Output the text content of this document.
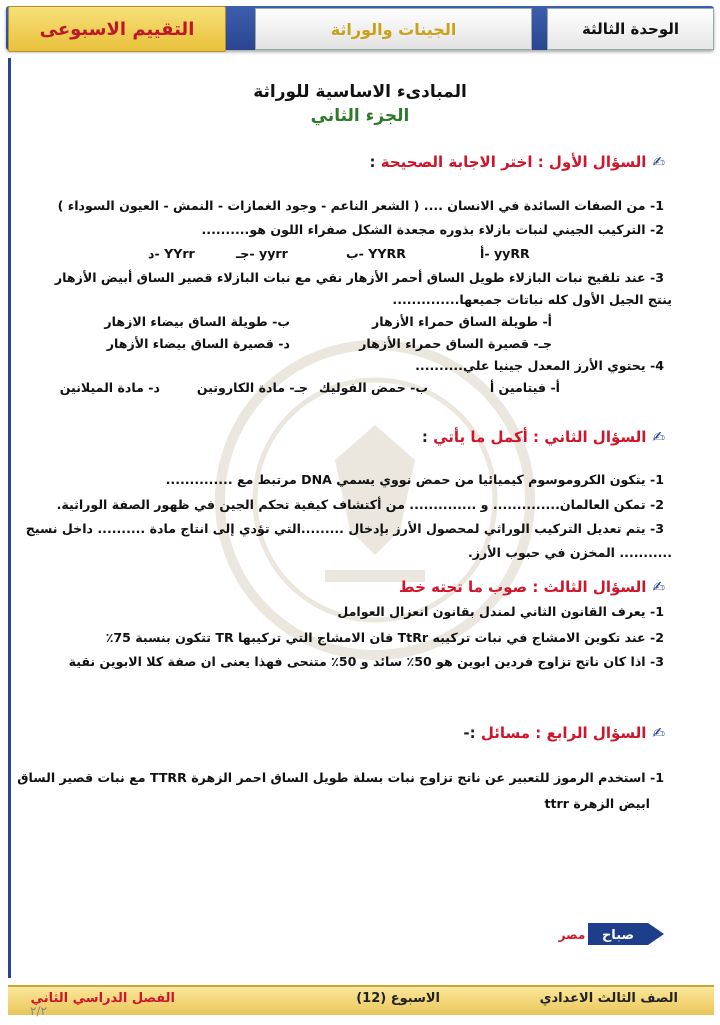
الوحدة الثالثة
الجينات والوراثة
التقييم الاسبوعى
المبادىء الاساسية للوراثة
الجزء الثاني
✍السؤال الأول : اختر الاجابة الصحيحة :
1- من الصفات السائدة في الانسان .... ( الشعر الناعم - وجود الغمازات - النمش - العيون السوداء )
2- التركيب الجيني لنبات بازلاء بذوره مجعدة الشكل صفراء اللون هو..........
أ- yyRR
ب- YYRR
جـ- yyrr
د- YYrr
3- عند تلقيح نبات البازلاء طويل الساق أحمر الأزهار نقي مع نبات البازلاء قصير الساق أبيض الأزهار
ينتج الجيل الأول كله نباتات جميعها..............
أ- طويلة الساق حمراء الأزهار
ب- طويلة الساق بيضاء الازهار
جـ- قصيرة الساق حمراء الأزهار
د- قصيرة الساق بيضاء الأزهار
4- يحتوي الأرز المعدل جينيا علي..........
أ- فيتامين أ
ب- حمض الفوليك
جـ- مادة الكاروتين
د- مادة الميلانين
✍السؤال الثاني : أكمل ما يأتي :
1- يتكون الكروموسوم كيميائيا من حمض نووي يسمي DNA مرتبط مع ..............
2- تمكن العالمان.............. و .............. من أكتشاف كيفية تحكم الجين في ظهور الصفة الوراثية.
3- يتم تعديل التركيب الوراثي لمحصول الأرز بإدخال .........التي تؤدي إلى انتاج مادة .......... داخل نسيج
........... المخزن في حبوب الأرز.
✍السؤال الثالث : صوب ما تحته خط
1- يعرف القانون الثاني لمندل بقانون انعزال العوامل
2- عند تكوين الامشاج في نبات تركيبه TtRr فان الامشاج التي تركيبها TR تتكون بنسبة 75٪
3- اذا كان ناتج تزاوج فردين ابوين هو 50٪ سائد و 50٪ متنحى فهذا يعنى ان صفة كلا الابوين نقية
✍السؤال الرابع : مسائل :-
1- استخدم الرموز للتعبير عن ناتج تزاوج نبات بسلة طويل الساق احمر الزهرة TTRR مع نبات قصير الساق
ابيض الزهرة ttrr
صباح
مصر
الصف الثالث الاعدادي
الاسبوع (12)
الفصل الدراسي الثاني
٢/٢
